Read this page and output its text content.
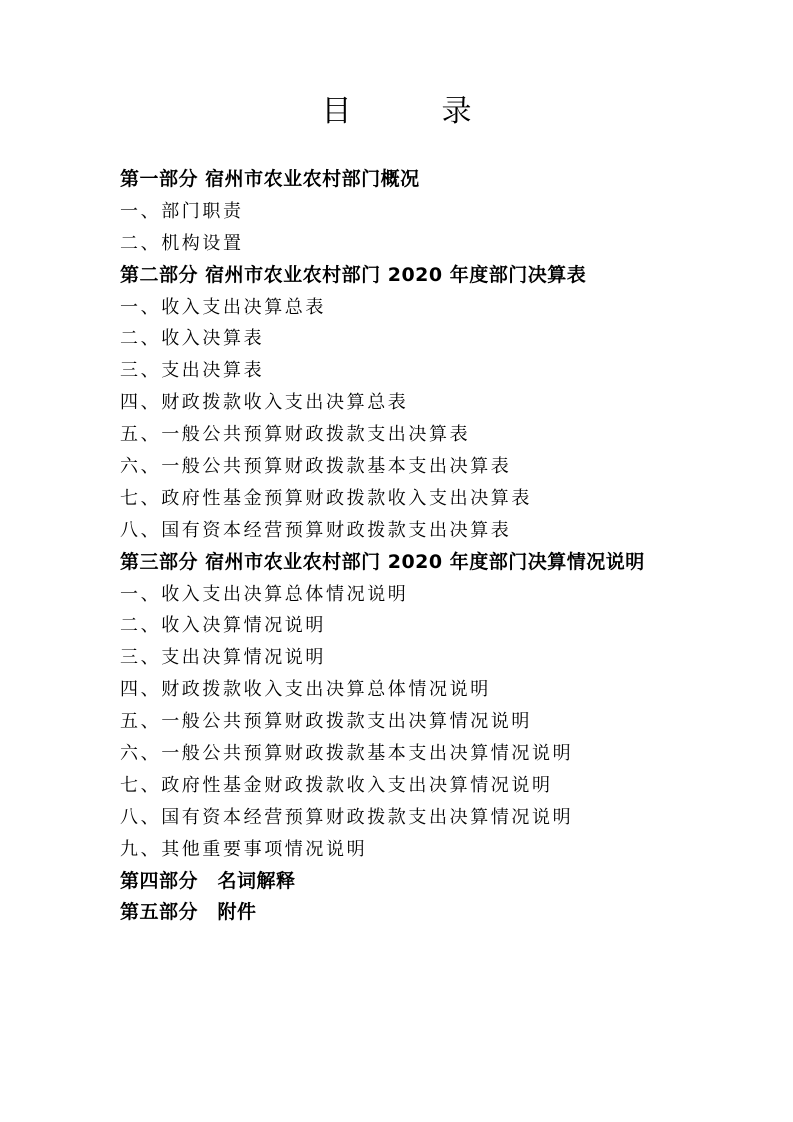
目　录
第一部分 宿州市农业农村部门概况
一、部门职责
二、机构设置
第二部分 宿州市农业农村部门 2020 年度部门决算表
一、收入支出决算总表
二、收入决算表
三、支出决算表
四、财政拨款收入支出决算总表
五、一般公共预算财政拨款支出决算表
六、一般公共预算财政拨款基本支出决算表
七、政府性基金预算财政拨款收入支出决算表
八、国有资本经营预算财政拨款支出决算表
第三部分 宿州市农业农村部门 2020 年度部门决算情况说明
一、收入支出决算总体情况说明
二、收入决算情况说明
三、支出决算情况说明
四、财政拨款收入支出决算总体情况说明
五、一般公共预算财政拨款支出决算情况说明
六、一般公共预算财政拨款基本支出决算情况说明
七、政府性基金财政拨款收入支出决算情况说明
八、国有资本经营预算财政拨款支出决算情况说明
九、其他重要事项情况说明
第四部分　名词解释
第五部分　附件
